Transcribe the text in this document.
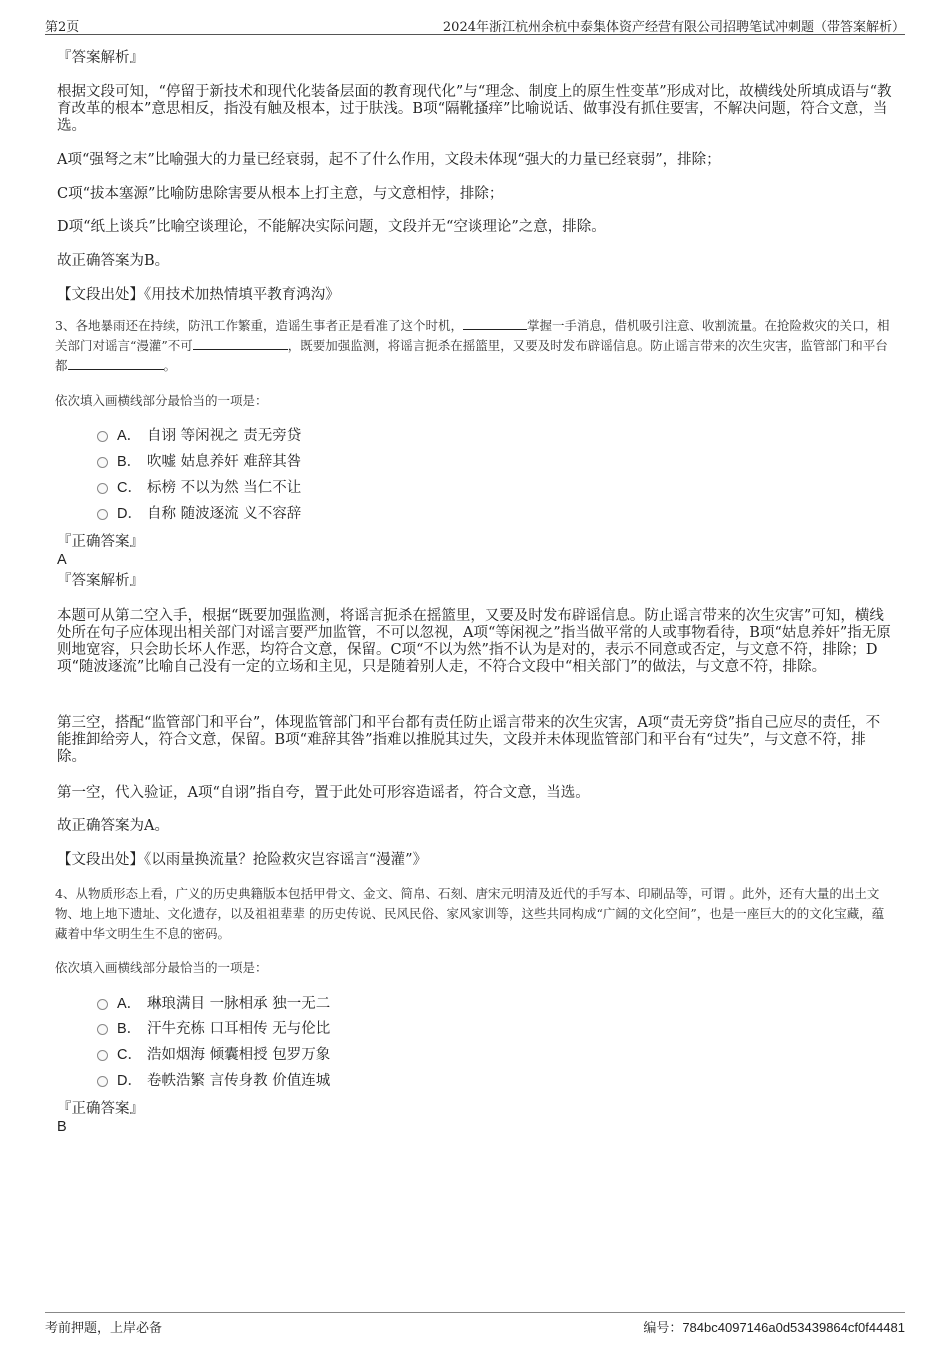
第2页	2024年浙江杭州余杭中泰集体资产经营有限公司招聘笔试冲刺题（带答案解析）
『答案解析』
根据文段可知，“停留于新技术和现代化装备层面的教育现代化”与“理念、制度上的原生性变革”形成对比，故横线处所填成语与“教育改革的根本”意思相反，指没有触及根本，过于肤浅。B项“隔靴搔痒”比喻说话、做事没有抓住要害，不解决问题，符合文意，当选。
A项“强弩之末”比喻强大的力量已经衰弱，起不了什么作用，文段未体现“强大的力量已经衰弱”，排除；
C项“拔本塞源”比喻防患除害要从根本上打主意，与文意相悖，排除；
D项“纸上谈兵”比喻空谈理论，不能解决实际问题，文段并无“空谈理论”之意，排除。
故正确答案为B。
【文段出处】《用技术加热情填平教育鸿沟》
3、各地暴雨还在持续，防汛工作繁重，造谣生事者正是看准了这个时机，	掌握一手消息，借机吸引注意、收割流量。在抢险救灾的关口，相关部门对谣言“漫灌”不可	，既要加强监测，将谣言扼杀在摇篮里，又要及时发布辟谣信息。防止谣言带来的次生灾害，监管部门和平台都	。
依次填入画横线部分最恰当的一项是：
A． 自诩 等闲视之 责无旁贷
B． 吹嘘 姑息养奸 难辞其咎
C． 标榜 不以为然 当仁不让
D． 自称 随波逐流 义不容辞
『正确答案』
A
『答案解析』
本题可从第二空入手，根据“既要加强监测，将谣言扼杀在摇篮里，又要及时发布辟谣信息。防止谣言带来的次生灾害”可知，横线处所在句子应体现出相关部门对谣言要严加监管，不可以忽视，A项“等闲视之”指当做平常的人或事物看待，B项“姑息养奸”指无原则地宽容，只会助长坏人作恶，均符合文意，保留。C项“不以为然”指不认为是对的，表示不同意或否定，与文意不符，排除；D项“随波逐流”比喻自己没有一定的立场和主见，只是随着别人走，不符合文段中“相关部门”的做法，与文意不符，排除。
第三空，搭配“监管部门和平台”，体现监管部门和平台都有责任防止谣言带来的次生灾害，A项“责无旁贷”指自己应尽的责任，不能推卸给旁人，符合文意，保留。B项“难辞其咎”指难以推脱其过失，文段并未体现监管部门和平台有“过失”，与文意不符，排除。
第一空，代入验证，A项“自诩”指自夸，置于此处可形容造谣者，符合文意，当选。
故正确答案为A。
【文段出处】《以雨量换流量？抢险救灾岂容谣言“漫灌”》
4、从物质形态上看，广义的历史典籍版本包括甲骨文、金文、简帛、石刻、唐宋元明清及近代的手写本、印刷品等，可谓 。此外，还有大量的出土文物、地上地下遗址、文化遗存，以及祖祖辈辈 的历史传说、民风民俗、家风家训等，这些共同构成“广阔的文化空间”，也是一座巨大的的文化宝藏，蕴藏着中华文明生生不息的密码。
依次填入画横线部分最恰当的一项是：
A． 琳琅满目 一脉相承 独一无二
B． 汗牛充栋 口耳相传 无与伦比
C． 浩如烟海 倾囊相授 包罗万象
D． 卷帙浩繁 言传身教 价值连城
『正确答案』
B
考前押题，上岸必备	编号：784bc4097146a0d53439864cf0f44481
